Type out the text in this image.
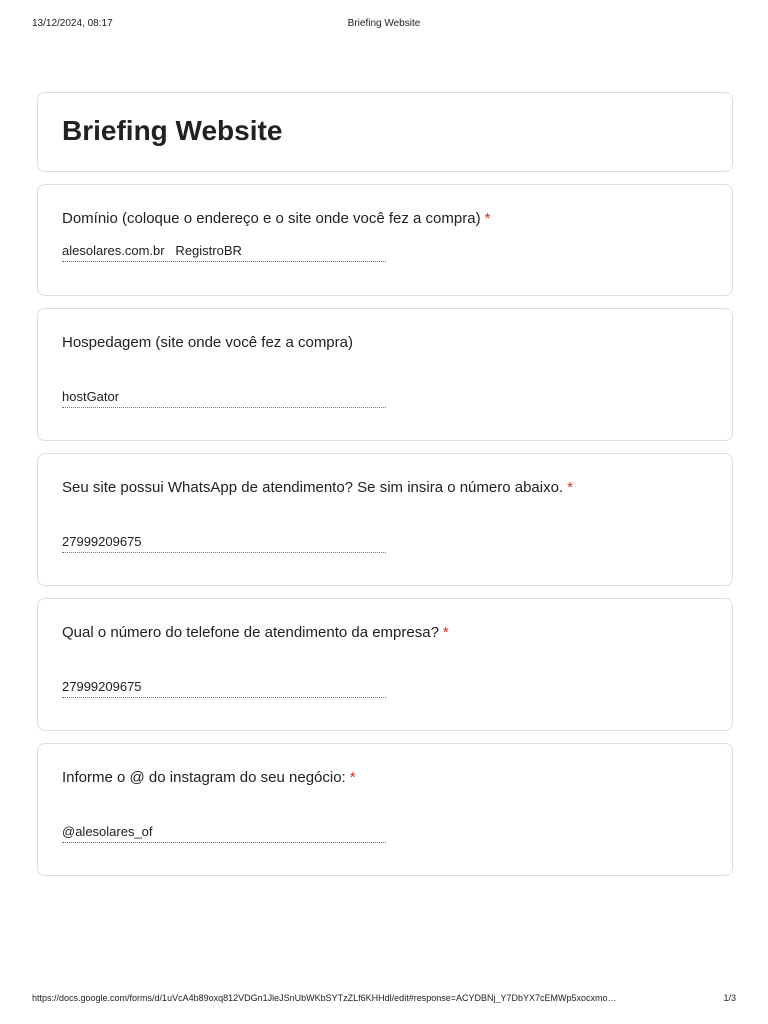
13/12/2024, 08:17	Briefing Website
Briefing Website
Domínio (coloque o endereço e o site onde você fez a compra) *
alesolares.com.br   RegistroBR
Hospedagem (site onde você fez a compra)
hostGator
Seu site possui WhatsApp de atendimento? Se sim insira o número abaixo. *
27999209675
Qual o número do telefone de atendimento da empresa? *
27999209675
Informe o @ do instagram do seu negócio: *
@alesolares_of
https://docs.google.com/forms/d/1uVcA4b89oxq812VDGn1JleJSnUbWKbSYTzZLf6KHHdl/edit#response=ACYDBNj_Y7DbYX7cEMWp5xocxmo…	1/3
